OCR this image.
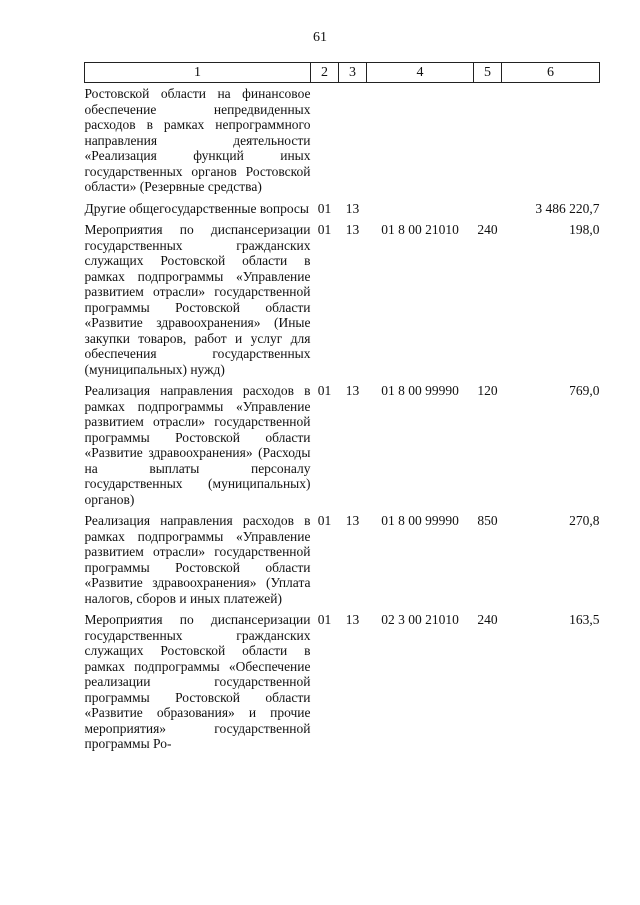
61
1	2	3	4	5	6

Ростовской области на финансовое обеспечение непредвиденных расходов в рамках непрограммного направления деятельности «Реализация функций иных государственных органов Ростовской области» (Резервные средства)					

Другие общегосударственные вопросы	01	13			3 486 220,7

Мероприятия по диспансеризации государственных гражданских служащих Ростовской области в рамках подпрограммы «Управление развитием отрасли» государственной программы Ростовской области «Развитие здравоохранения» (Иные закупки товаров, работ и услуг для обеспечения государственных (муниципальных) нужд)	01	13	01 8 00 21010	240	198,0

Реализация направления расходов в рамках подпрограммы «Управление развитием отрасли» государственной программы Ростовской области «Развитие здравоохранения» (Расходы на выплаты персоналу государственных (муниципальных) органов)	01	13	01 8 00 99990	120	769,0

Реализация направления расходов в рамках подпрограммы «Управление развитием отрасли» государственной программы Ростовской области «Развитие здравоохранения» (Уплата налогов, сборов и иных платежей)	01	13	01 8 00 99990	850	270,8

Мероприятия по диспансеризации государственных гражданских служащих Ростовской области в рамках подпрограммы «Обеспечение реализации государственной программы Ростовской области «Развитие образования» и прочие мероприятия» государственной программы Ро-	01	13	02 3 00 21010	240	163,5
